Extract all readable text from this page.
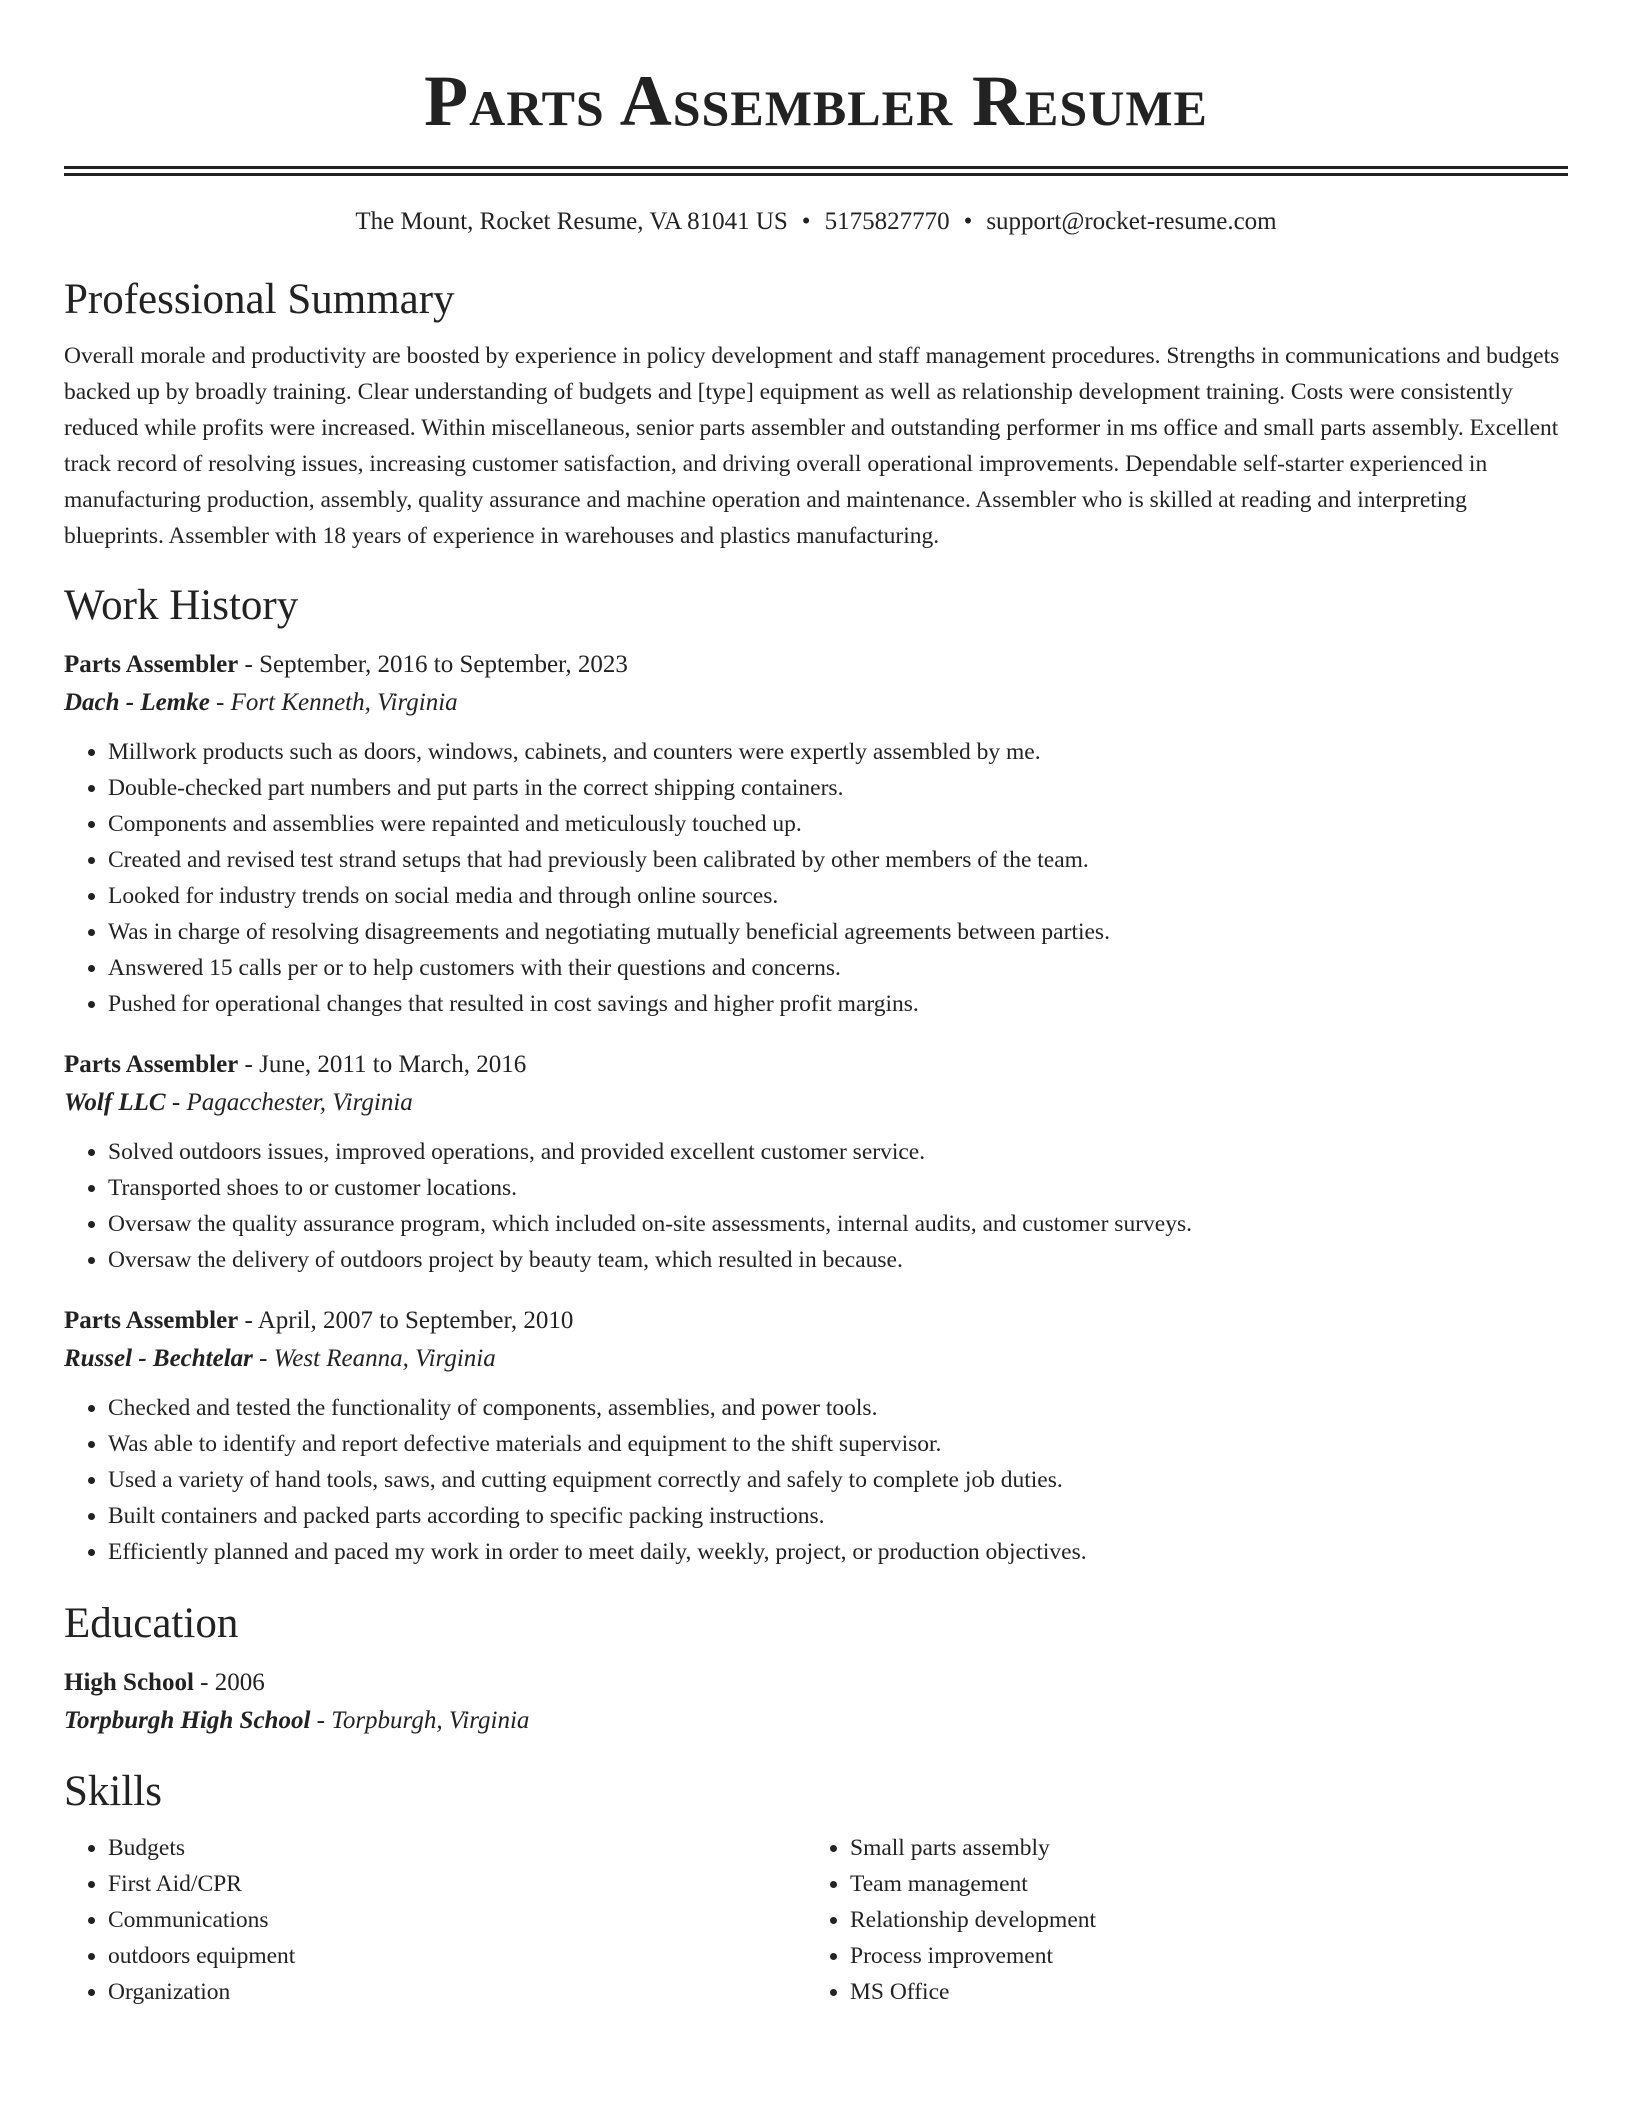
Parts Assembler Resume
The Mount, Rocket Resume, VA 81041 US • 5175827770 • support@rocket-resume.com
Professional Summary
Overall morale and productivity are boosted by experience in policy development and staff management procedures. Strengths in communications and budgets backed up by broadly training. Clear understanding of budgets and [type] equipment as well as relationship development training. Costs were consistently reduced while profits were increased. Within miscellaneous, senior parts assembler and outstanding performer in ms office and small parts assembly. Excellent track record of resolving issues, increasing customer satisfaction, and driving overall operational improvements. Dependable self-starter experienced in manufacturing production, assembly, quality assurance and machine operation and maintenance. Assembler who is skilled at reading and interpreting blueprints. Assembler with 18 years of experience in warehouses and plastics manufacturing.
Work History
Parts Assembler - September, 2016 to September, 2023
Dach - Lemke - Fort Kenneth, Virginia
• Millwork products such as doors, windows, cabinets, and counters were expertly assembled by me.
• Double-checked part numbers and put parts in the correct shipping containers.
• Components and assemblies were repainted and meticulously touched up.
• Created and revised test strand setups that had previously been calibrated by other members of the team.
• Looked for industry trends on social media and through online sources.
• Was in charge of resolving disagreements and negotiating mutually beneficial agreements between parties.
• Answered 15 calls per or to help customers with their questions and concerns.
• Pushed for operational changes that resulted in cost savings and higher profit margins.
Parts Assembler - June, 2011 to March, 2016
Wolf LLC - Pagacchester, Virginia
• Solved outdoors issues, improved operations, and provided excellent customer service.
• Transported shoes to or customer locations.
• Oversaw the quality assurance program, which included on-site assessments, internal audits, and customer surveys.
• Oversaw the delivery of outdoors project by beauty team, which resulted in because.
Parts Assembler - April, 2007 to September, 2010
Russel - Bechtelar - West Reanna, Virginia
• Checked and tested the functionality of components, assemblies, and power tools.
• Was able to identify and report defective materials and equipment to the shift supervisor.
• Used a variety of hand tools, saws, and cutting equipment correctly and safely to complete job duties.
• Built containers and packed parts according to specific packing instructions.
• Efficiently planned and paced my work in order to meet daily, weekly, project, or production objectives.
Education
High School - 2006
Torpburgh High School - Torpburgh, Virginia
Skills
• Budgets
• First Aid/CPR
• Communications
• outdoors equipment
• Organization
• Small parts assembly
• Team management
• Relationship development
• Process improvement
• MS Office
